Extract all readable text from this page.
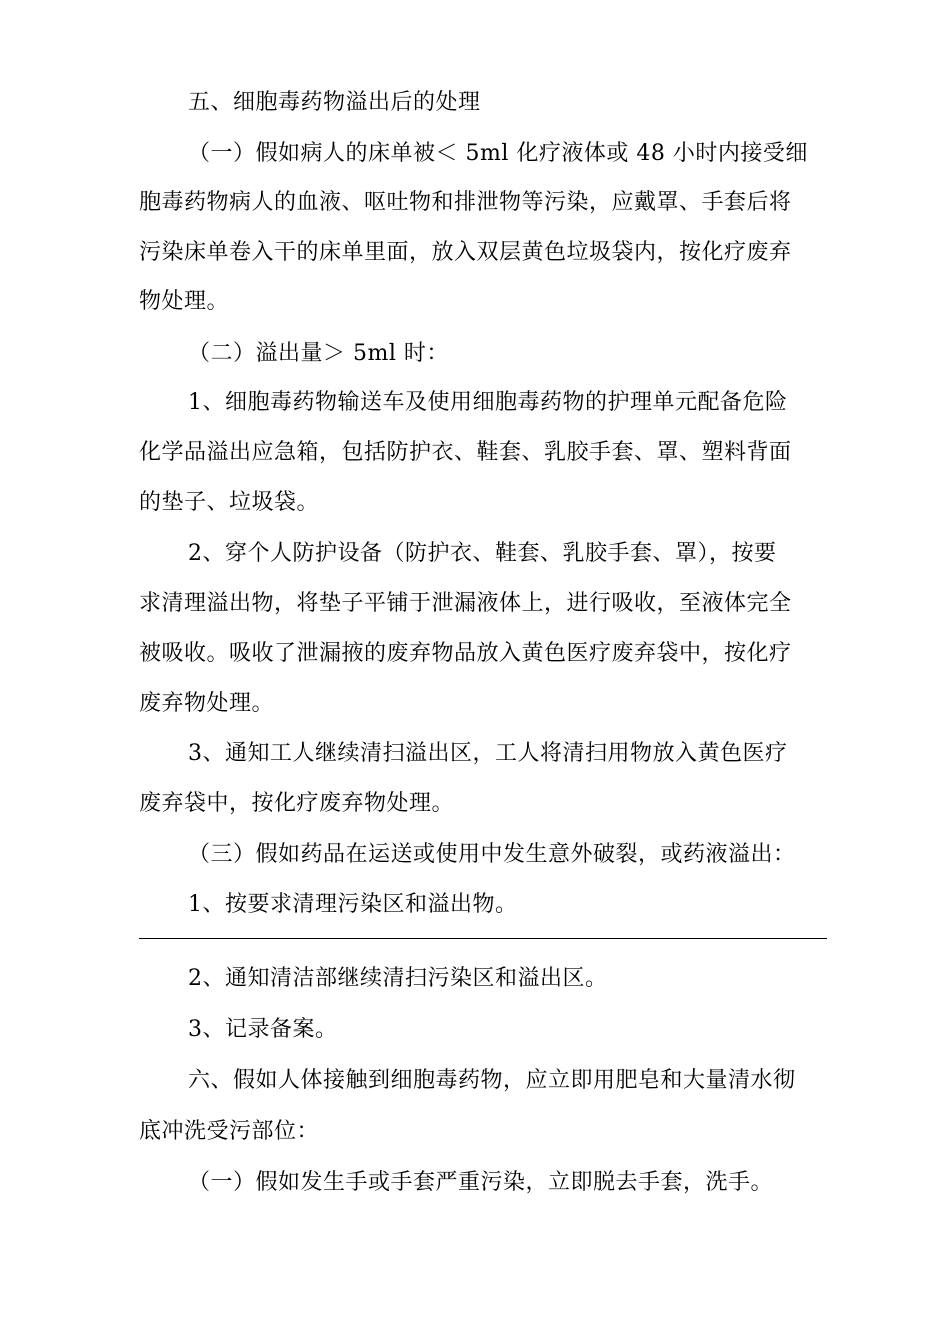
五、细胞毒药物溢出后的处理
（一）假如病人的床单被＜ 5ml 化疗液体或 48 小时内接受细
胞毒药物病人的血液、呕吐物和排泄物等污染，应戴罩、手套后将
污染床单卷入干的床单里面，放入双层黄色垃圾袋内，按化疗废弃
物处理。
（二）溢出量＞ 5ml 时：
1、细胞毒药物输送车及使用细胞毒药物的护理单元配备危险
化学品溢出应急箱，包括防护衣、鞋套、乳胶手套、罩、塑料背面
的垫子、垃圾袋。
2、穿个人防护设备（防护衣、鞋套、乳胶手套、罩），按要
求清理溢出物，将垫子平铺于泄漏液体上，进行吸收，至液体完全
被吸收。吸收了泄漏掖的废弃物品放入黄色医疗废弃袋中，按化疗
废弃物处理。
3、通知工人继续清扫溢出区，工人将清扫用物放入黄色医疗
废弃袋中，按化疗废弃物处理。
（三）假如药品在运送或使用中发生意外破裂，或药液溢出：
1、按要求清理污染区和溢出物。
2、通知清洁部继续清扫污染区和溢出区。
3、记录备案。
六、假如人体接触到细胞毒药物，应立即用肥皂和大量清水彻
底冲洗受污部位：
（一）假如发生手或手套严重污染，立即脱去手套，洗手。
